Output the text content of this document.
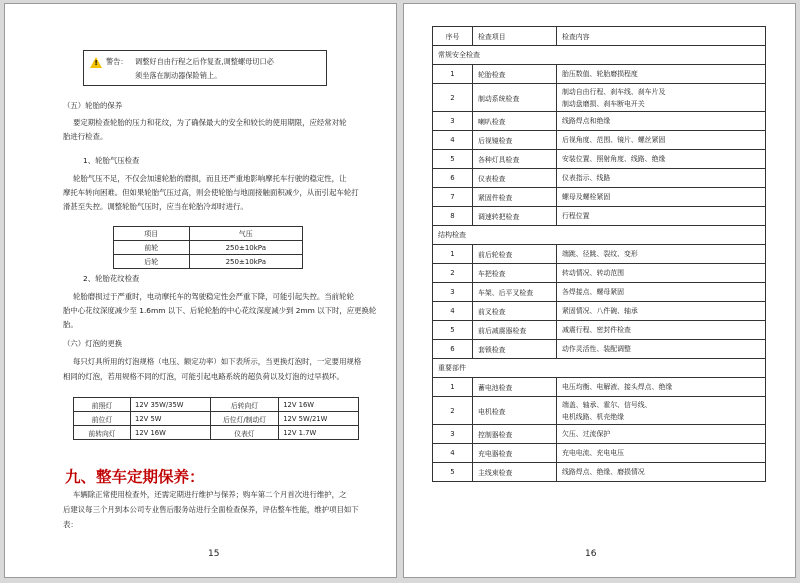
! 警告： 调整好自由行程之后作复查,调整螺母切口必
须坐落在制动器保险销上。
（五）轮胎的保养
要定期检查轮胎的压力和花纹，为了确保最大的安全和较长的使用期限，应经常对轮
胎进行检查。
1、轮胎气压检查
轮胎气压不足，不仅会加速轮胎的磨损，而且还严重地影响摩托车行驶的稳定性，让
摩托车转向困难。但如果轮胎气压过高，则会使轮胎与地面接触面积减少，从而引起车轮打
滑甚至失控。调整轮胎气压时，应当在轮胎冷却时进行。
项目	气压
前轮	250±10kPa
后轮	250±10kPa
2、轮胎花纹检查
轮胎磨损过于严重时，电动摩托车的驾驶稳定性会严重下降，可能引起失控。当前轮轮
胎中心花纹深度减少至 1.6mm 以下、后轮轮胎的中心花纹深度减少到 2mm 以下时，应更换轮
胎。
（六）灯泡的更换
每只灯具所用的灯泡规格（电压、额定功率）如下表所示，当更换灯泡时，一定要用规格
相同的灯泡，若用规格不同的灯泡，可能引起电路系统的超负荷以及灯泡的过早损坏。
前照灯	12V 35W/35W	后转向灯	12V 16W
前位灯	12V 5W	后位灯/制动灯	12V 5W/21W
前转向灯	12V 16W	仪表灯	12V 1.7W
九、整车定期保养：
车辆除正常使用检查外，还需定期进行维护与保养；购车第二个月首次进行维护，之
后建议每三个月到本公司专业售后服务站进行全面检查保养，评估整车性能，维护项目如下
表：
15
序号	检查项目	检查内容
常规安全检查		
1	轮胎检查	胎压数值、轮胎磨损程度

2	制动系统检查	制动自由行程、刹车线、刹车片及
制动盘磨损、刹车断电开关

3	喇叭检查	线路焊点和绝缘

4	后视镜检查	后视角度、范围、镜片、螺丝紧固

5	各种灯具检查	安装位置、照射角度、线路、绝缘

6	仪表检查	仪表指示、线路

7	紧固件检查	螺母及螺栓紧固

8	调速转把检查	行程位置

结构检查		
1	前后轮检查	端跳、径跳、裂纹、变形

2	车把检查	转动情况、转动范围

3	车架、后平叉检查	各焊接点、螺母紧固

4	前叉检查	紧固情况、八件碗、轴承

5	前后减震器检查	减震行程、密封件检查

6	套锁检查	动作灵活性、装配调整

重要部件		
1	蓄电池检查	电压均衡、电解液、接头焊点、绝缘

2	电机检查	端盖、轴承、霍尔、信号线、
电机线路、机壳绝缘

3	控制器检查	欠压、过流保护

4	充电器检查	充电电流、充电电压

5	主线束检查	线路焊点、绝缘、磨损情况
16
